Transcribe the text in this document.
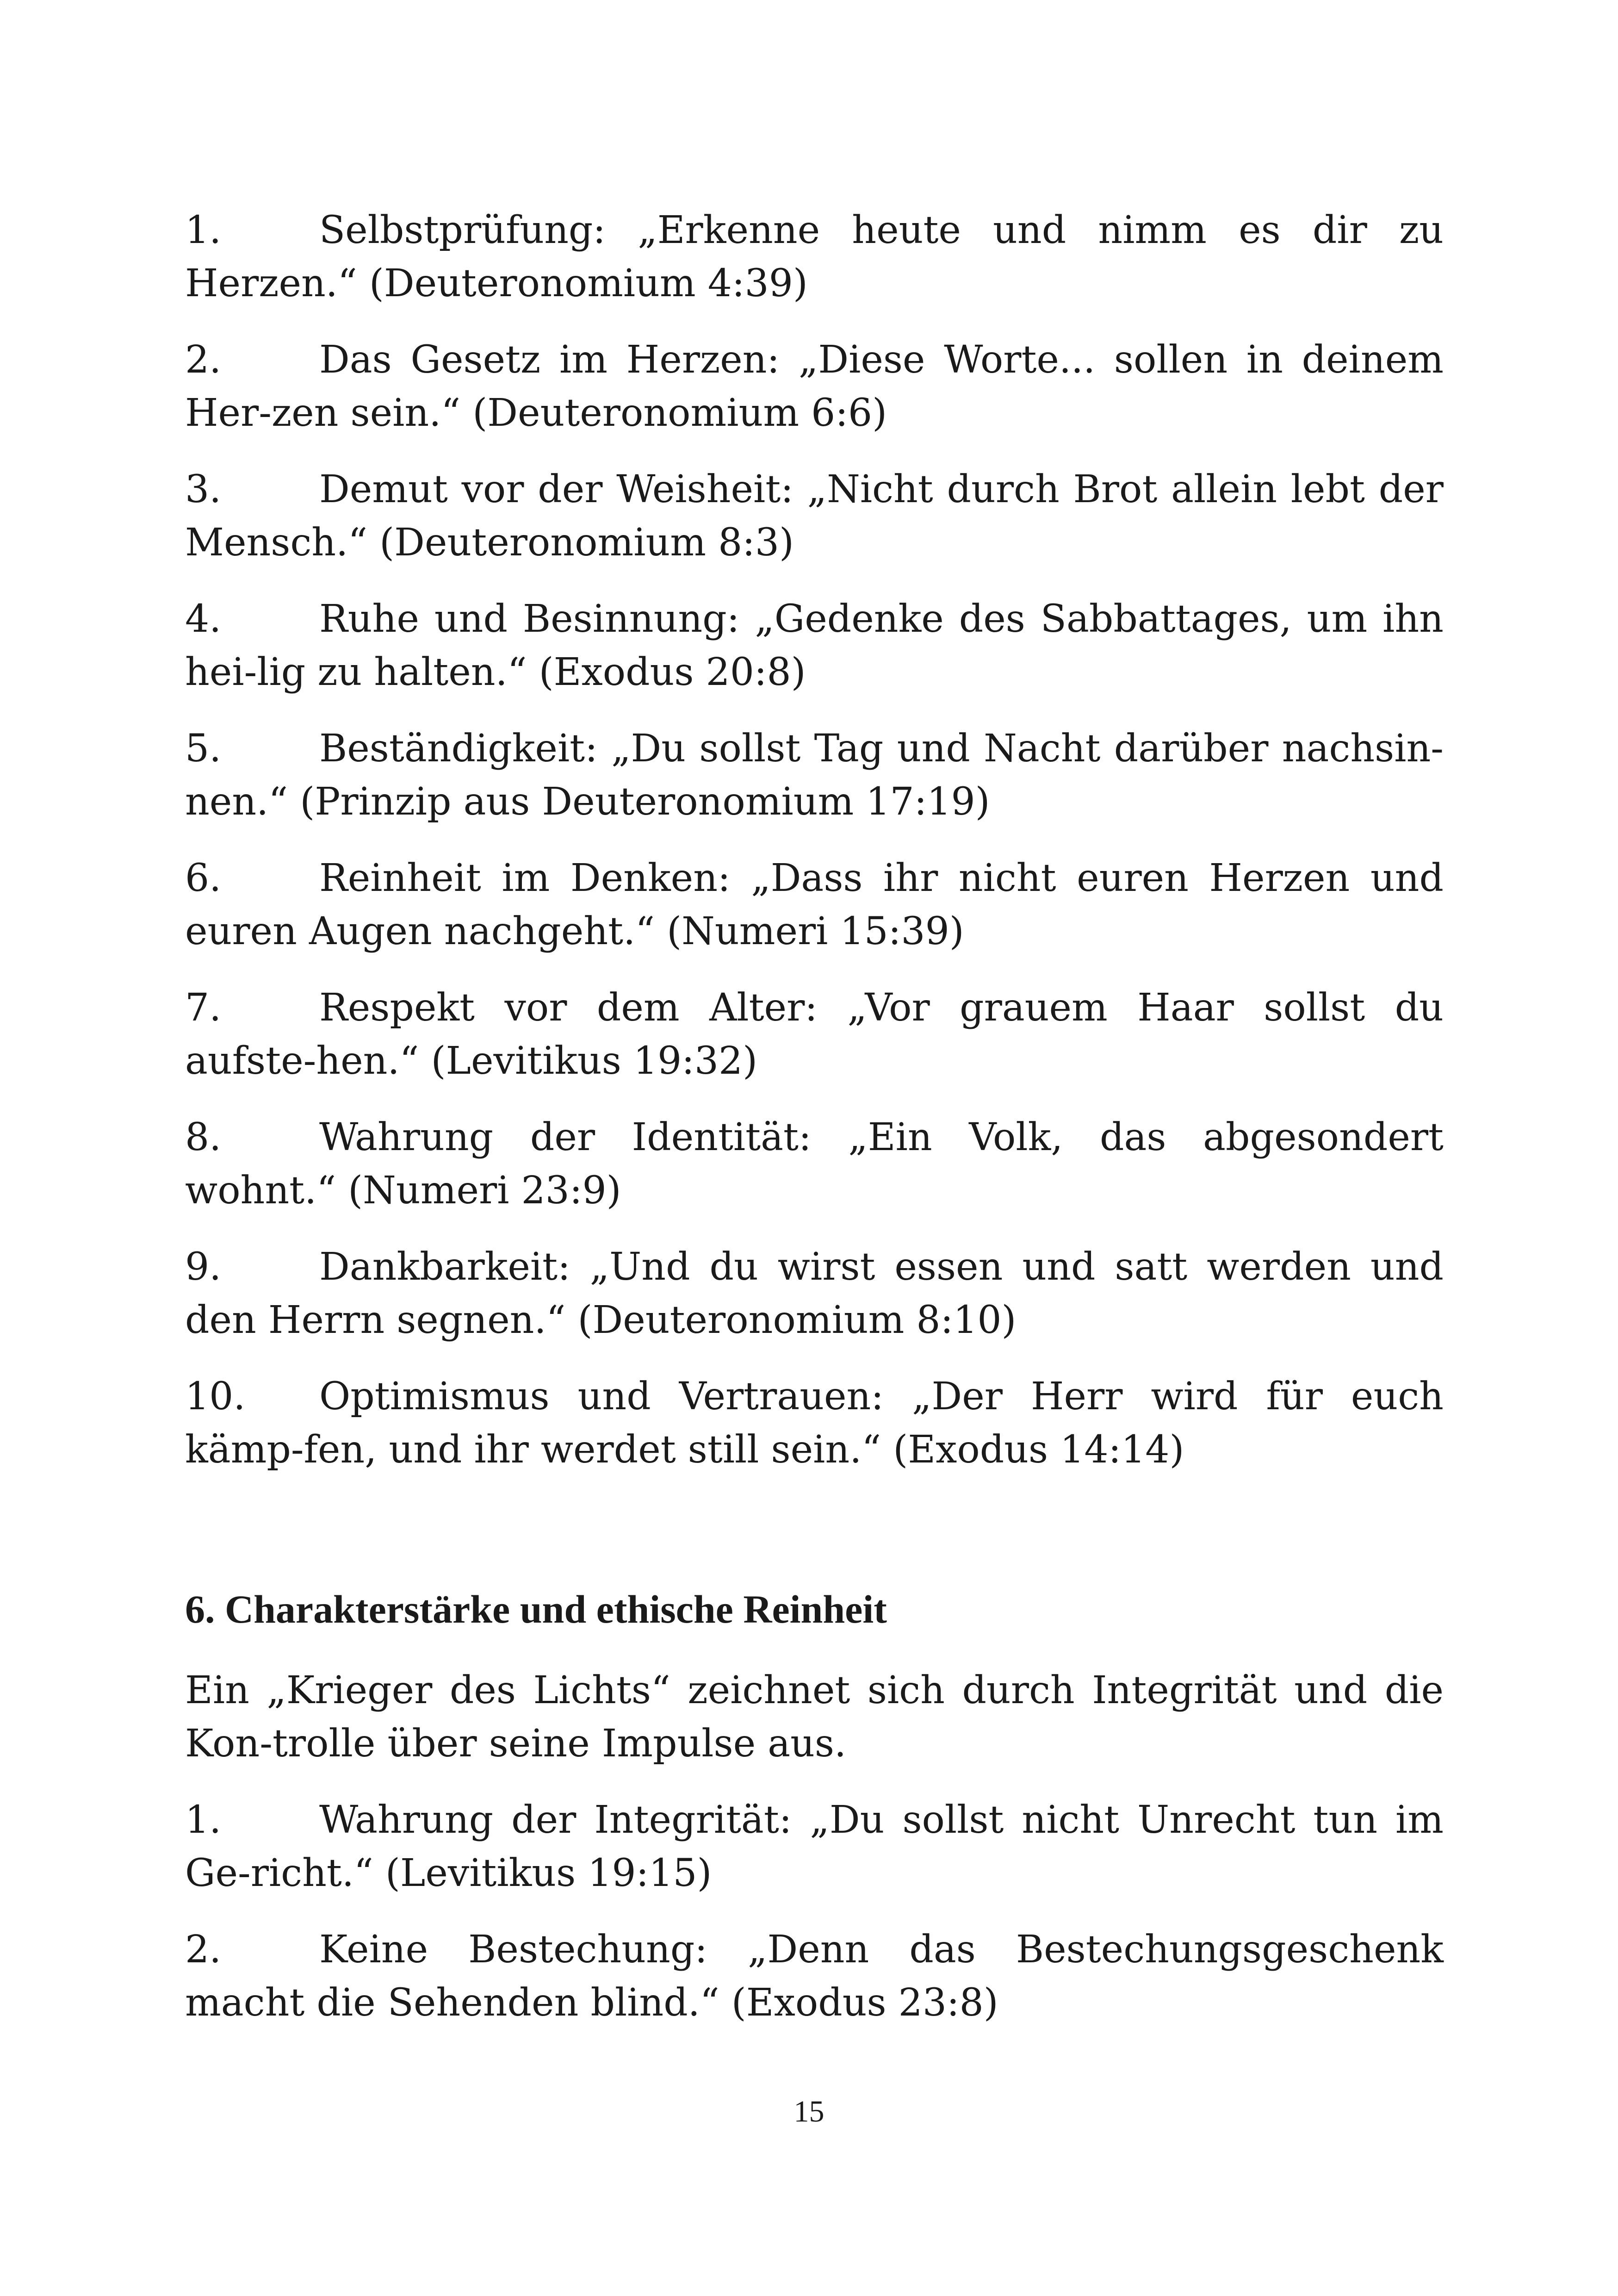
1.	Selbstprüfung: „Erkenne heute und nimm es dir zu Herzen.“ (Deuteronomium 4:39)

2.	Das Gesetz im Herzen: „Diese Worte... sollen in deinem Her-zen sein.“ (Deuteronomium 6:6)

3.	Demut vor der Weisheit: „Nicht durch Brot allein lebt der Mensch.“ (Deuteronomium 8:3)

4.	Ruhe und Besinnung: „Gedenke des Sabbattages, um ihn hei-lig zu halten.“ (Exodus 20:8)

5.	Beständigkeit: „Du sollst Tag und Nacht darüber nachsin-nen.“ (Prinzip aus Deuteronomium 17:19)

6.	Reinheit im Denken: „Dass ihr nicht euren Herzen und euren Augen nachgeht.“ (Numeri 15:39)

7.	Respekt vor dem Alter: „Vor grauem Haar sollst du aufste-hen.“ (Levitikus 19:32)

8.	Wahrung der Identität: „Ein Volk, das abgesondert wohnt.“ (Numeri 23:9)

9.	Dankbarkeit: „Und du wirst essen und satt werden und den Herrn segnen.“ (Deuteronomium 8:10)

10. Optimismus und Vertrauen: „Der Herr wird für euch kämp-fen, und ihr werdet still sein.“ (Exodus 14:14)

6. Charakterstärke und ethische Reinheit

Ein „Krieger des Lichts“ zeichnet sich durch Integrität und die Kon-trolle über seine Impulse aus.

1.	Wahrung der Integrität: „Du sollst nicht Unrecht tun im Ge-richt.“ (Levitikus 19:15)

2.	Keine Bestechung: „Denn das Bestechungsgeschenk macht die Sehenden blind.“ (Exodus 23:8)

15
